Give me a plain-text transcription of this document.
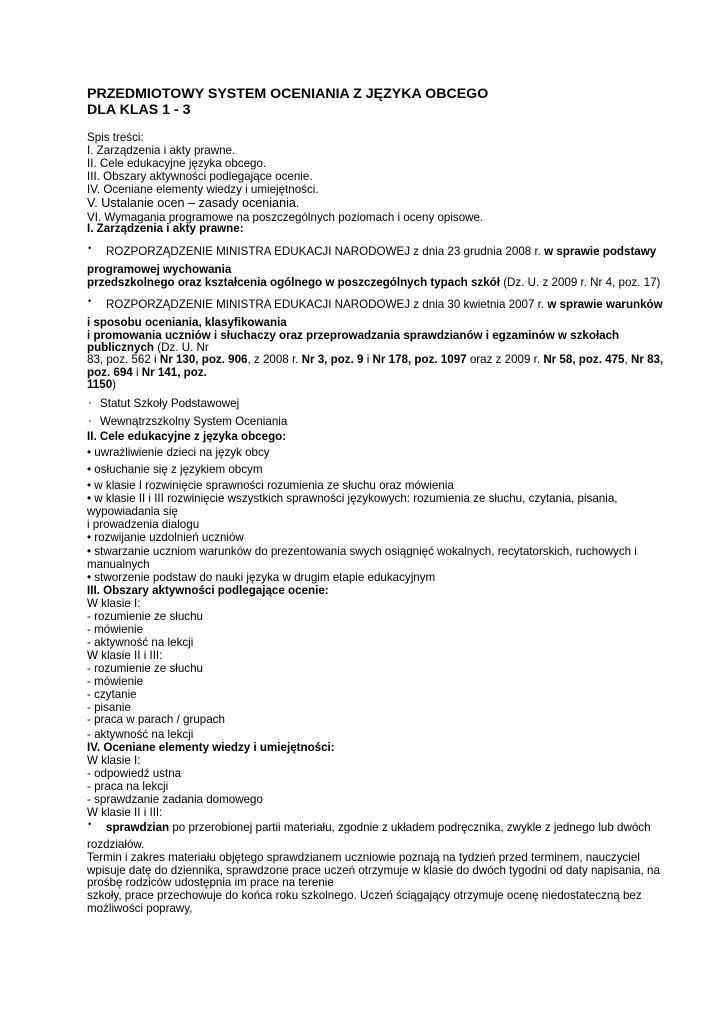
PRZEDMIOTOWY SYSTEM OCENIANIA Z JĘZYKA OBCEGO
DLA KLAS 1 - 3
Spis treści:
I. Zarządzenia i akty prawne.
II. Cele edukacyjne języka obcego.
III. Obszary aktywności podlegające ocenie.
IV. Oceniane elementy wiedzy i umiejętności.
V. Ustalanie ocen – zasady oceniania.
VI. Wymagania programowe na poszczególnych poziomach i oceny opisowe.
I. Zarządzenia i akty prawne:
• ROZPORZĄDZENIE MINISTRA EDUKACJI NARODOWEJ z dnia 23 grudnia 2008 r. w sprawie podstawy
programowej wychowania
przedszkolnego oraz kształcenia ogólnego w poszczególnych typach szkół (Dz. U. z 2009 r. Nr 4, poz. 17)
• ROZPORZĄDZENIE MINISTRA EDUKACJI NARODOWEJ z dnia 30 kwietnia 2007 r. w sprawie warunków
i sposobu oceniania, klasyfikowania
i promowania uczniów i słuchaczy oraz przeprowadzania sprawdzianów i egzaminów w szkołach
publicznych (Dz. U. Nr
83, poz. 562 i Nr 130, poz. 906, z 2008 r. Nr 3, poz. 9 i Nr 178, poz. 1097 oraz z 2009 r. Nr 58, poz. 475, Nr 83,
poz. 694 i Nr 141, poz.
1150)
· Statut Szkoły Podstawowej
· Wewnątrzszkolny System Oceniania
II. Cele edukacyjne z języka obcego:
• uwrażliwienie dzieci na język obcy
• osłuchanie się z językiem obcym
• w klasie I rozwinięcie sprawności rozumienia ze słuchu oraz mówienia
• w klasie II i III rozwinięcie wszystkich sprawności językowych: rozumienia ze słuchu, czytania, pisania,
wypowiadania się
i prowadzenia dialogu
• rozwijanie uzdolnień uczniów
• stwarzanie uczniom warunków do prezentowania swych osiągnięć wokalnych, recytatorskich, ruchowych i
manualnych
• stworzenie podstaw do nauki języka w drugim etapie edukacyjnym
III. Obszary aktywności podlegające ocenie:
W klasie I:
- rozumienie ze słuchu
- mówienie
- aktywność na lekcji
W klasie II i III:
- rozumienie ze słuchu
- mówienie
- czytanie
- pisanie
- praca w parach / grupach
- aktywność na lekcji
IV. Oceniane elementy wiedzy i umiejętności:
W klasie I:
- odpowiedź ustna
- praca na lekcji
- sprawdzanie zadania domowego
W klasie II i III:
• sprawdzian po przerobionej partii materiału, zgodnie z układem podręcznika, zwykle z jednego lub dwóch
rozdziałów.
Termin i zakres materiału objętego sprawdzianem uczniowie poznają na tydzień przed terminem, nauczyciel
wpisuje datę do dziennika, sprawdzone prace uczeń otrzymuje w klasie do dwóch tygodni od daty napisania, na
prośbę rodziców udostępnia im prace na terenie
szkoły, prace przechowuje do końca roku szkolnego. Uczeń ściągający otrzymuje ocenę niedostateczną bez
możliwości poprawy,
